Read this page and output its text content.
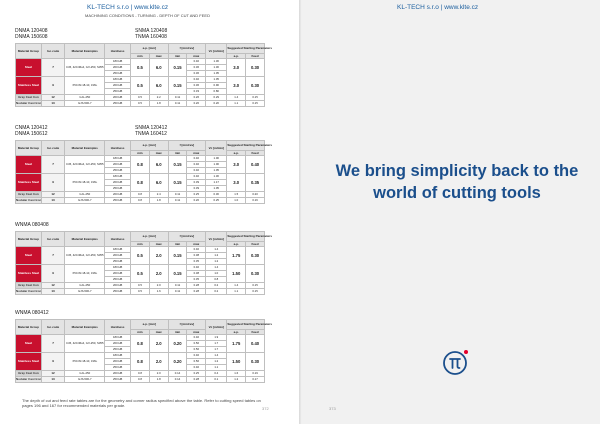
KL-TECH s.r.o | www.klte.cz
MACHINING CONDITIONS - TURNING - DEPTH OF CUT AND FEED
DNMA 120408
DNMA 150608
SNMA 120408
TNMA 160408
Material Group	Iso code	Material Examples	Hardness	a.p. [mm]		f [mm/rev]		Vc [m/min]	Suggested Starting Parameters	
				min	max	min	max		a.p.	Feed
Steel	7	C45, 42CrMo4, GX-250, S355	180 HB	0.5	6.0	0.15	0.40	1.30	3.0	0.30
			200 HB				0.36	1.30		
			250 HB				0.36	1.05		
Stainless Steel	9	X5CrNi 18-10, 316L	180 HB	0.5	6.0	0.15	0.40	1.05	3.0	0.30
			200 HB				0.36	0.90		
			250 HB				0.33	0.80		
Gray Cast Iron	12	GJL-250	200 HB	0.5	2.2	0.11	0.26	0.29	1.4	0.15
Nodular Cast Iron	13	GJS-500-7	250 HB	0.5	1.8	0.11	0.20	0.20	1.1	0.15
CNMA 120412
DNMA 150612
SNMA 120412
TNMA 160412
Material Group	Iso code	Material Examples	Hardness	a.p. [mm]		f [mm/rev]		Vc [m/min]	Suggested Starting Parameters	
				min	max	min	max		a.p.	Feed
Steel	7	C45, 42CrMo4, GX-250, S355	180 HB	0.8	6.0	0.15	0.40	1.00	3.0	0.40
			200 HB				0.40	1.00		
			250 HB				0.40	1.05		
Stainless Steel	9	X5CrNi 18-10, 316L	180 HB	0.8	6.0	0.15	0.40	1.30	3.0	0.35
			200 HB				0.39	1.17		
			250 HB				0.39	1.05		
Gray Cast Iron	12	GJL-250	200 HB	0.8	2.4	0.11	0.25	0.30	1.5	0.20
Nodular Cast Iron	13	GJS-500-7	250 HB	0.8	1.8	0.11	0.20	0.25	1.0	0.16
WNMA 080408
Material Group	Iso code	Material Examples	Hardness	a.p. [mm]		f [mm/rev]		Vc [m/min]	Suggested Starting Parameters	
				min	max	min	max		a.p.	Feed
Steel	7	C45, 42CrMo4, GX-250, S355	180 HB	0.5	2.0	0.15	0.40	1.4	1.75	0.30
			200 HB				0.38	1.2		
			250 HB				0.35	1.2		
Stainless Steel	9	X5CrNi 18-10, 316L	180 HB	0.5	2.0	0.15	0.40	1.4	1.50	0.30
			200 HB				0.38	1.0		
			250 HB				0.35	0.8		
Gray Cast Iron	12	GJL-250	200 HB	0.5	2.0	0.11	0.28	0.2	1.4	0.15
Nodular Cast Iron	13	GJS-500-7	250 HB	0.5	1.6	0.11	0.28	0.2	1.1	0.15
WNMA 080412
Material Group	Iso code	Material Examples	Hardness	a.p. [mm]		f [mm/rev]		Vc [m/min]	Suggested Starting Parameters	
				min	max	min	max		a.p.	Feed
Steel	7	C45, 42CrMo4, GX-250, S355	180 HB	0.8	2.0	0.20	0.40	1.9	1.75	0.40
			200 HB				0.56	1.7		
			250 HB				0.56	1.7		
Stainless Steel	9	X5CrNi 18-10, 316L	180 HB	0.8	2.0	0.20	0.40	1.4	1.50	0.30
			200 HB				0.56	1.2		
			250 HB				0.40	1.1		
Gray Cast Iron	12	GJL-250	200 HB	0.8	2.0	0.14	0.25	0.4	1.6	0.19
Nodular Cast Iron	13	GJS-500-7	250 HB	0.8	1.8	0.14	0.28	0.1	1.2	0.17
The depth of cut and feed rate tables are for the geometry and corner radius specified above the table. Refer to cutting speed tables on pages 196 and 167 for recommended materials per grade.
372
KL-TECH s.r.o | www.klte.cz
We bring simplicity back to the world of cutting tools
373
